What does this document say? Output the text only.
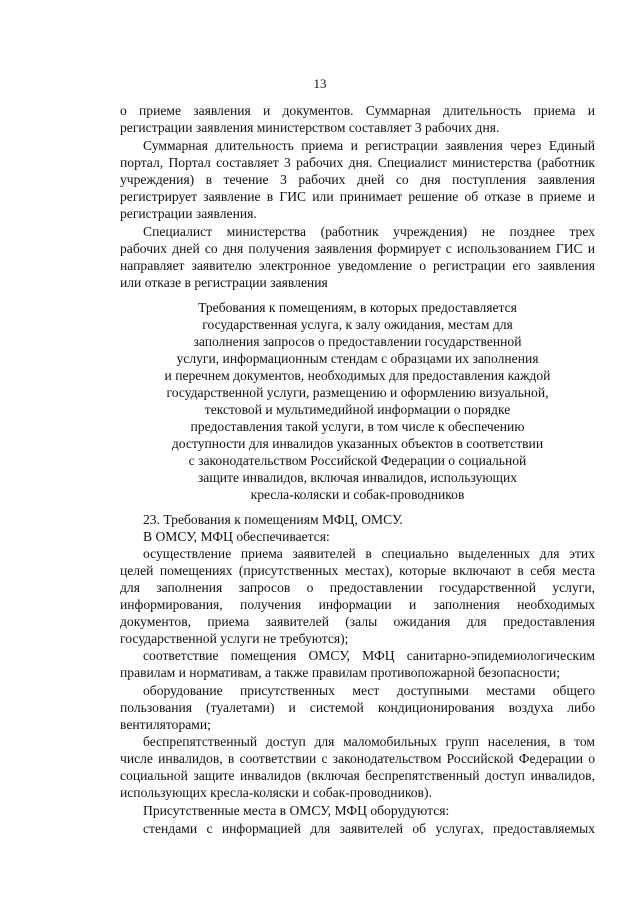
13
о приеме заявления и документов. Суммарная длительность приема и
регистрации заявления министерством составляет 3 рабочих дня.
Суммарная длительность приема и регистрации заявления через Единый
портал, Портал составляет 3 рабочих дня. Специалист министерства (работник
учреждения) в течение 3 рабочих дней со дня поступления заявления
регистрирует заявление в ГИС или принимает решение об отказе в приеме и
регистрации заявления.
Специалист министерства (работник учреждения) не позднее трех
рабочих дней со дня получения заявления формирует с использованием ГИС и
направляет заявителю электронное уведомление о регистрации его заявления
или отказе в регистрации заявления
Требования к помещениям, в которых предоставляется
государственная услуга, к залу ожидания, местам для
заполнения запросов о предоставлении государственной
услуги, информационным стендам с образцами их заполнения
и перечнем документов, необходимых для предоставления каждой
государственной услуги, размещению и оформлению визуальной,
текстовой и мультимедийной информации о порядке
предоставления такой услуги, в том числе к обеспечению
доступности для инвалидов указанных объектов в соответствии
с законодательством Российской Федерации о социальной
защите инвалидов, включая инвалидов, использующих
кресла-коляски и собак-проводников
23. Требования к помещениям МФЦ, ОМСУ.
В ОМСУ, МФЦ обеспечивается:
осуществление приема заявителей в специально выделенных для этих
целей помещениях (присутственных местах), которые включают в себя места
для заполнения запросов о предоставлении государственной услуги,
информирования, получения информации и заполнения необходимых
документов, приема заявителей (залы ожидания для предоставления
государственной услуги не требуются);
соответствие помещения ОМСУ, МФЦ санитарно-эпидемиологическим
правилам и нормативам, а также правилам противопожарной безопасности;
оборудование присутственных мест доступными местами общего
пользования (туалетами) и системой кондиционирования воздуха либо
вентиляторами;
беспрепятственный доступ для маломобильных групп населения, в том
числе инвалидов, в соответствии с законодательством Российской Федерации о
социальной защите инвалидов (включая беспрепятственный доступ инвалидов,
использующих кресла-коляски и собак-проводников).
Присутственные места в ОМСУ, МФЦ оборудуются:
стендами с информацией для заявителей об услугах, предоставляемых
